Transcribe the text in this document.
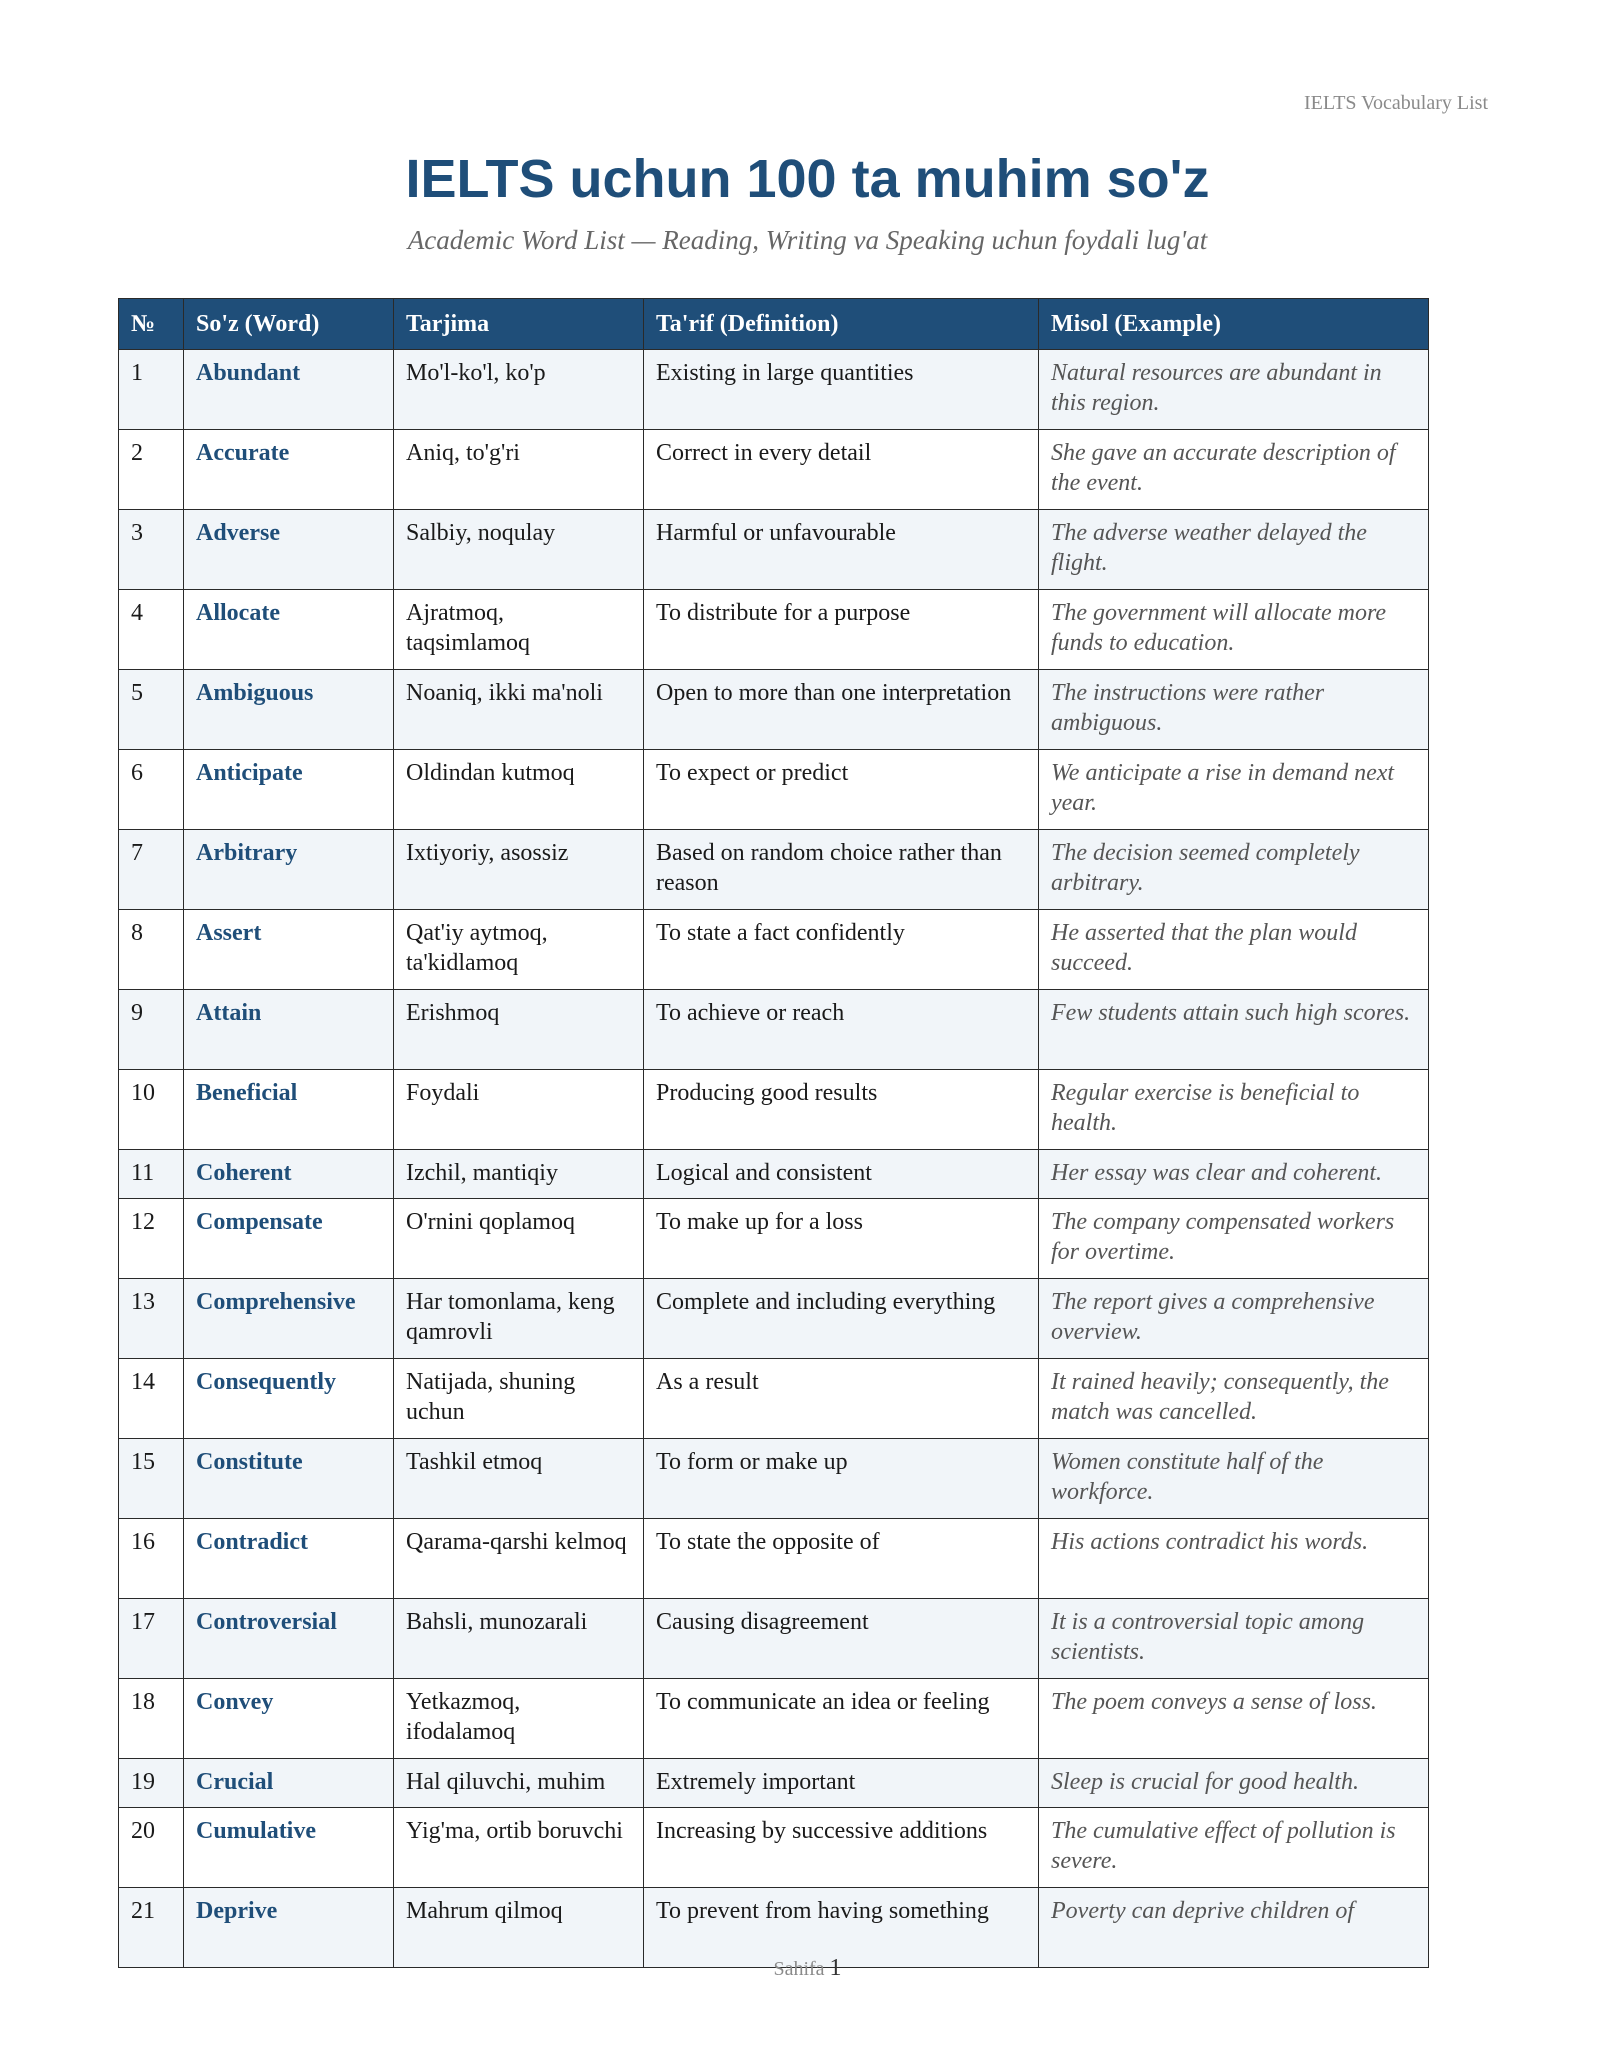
IELTS Vocabulary List
IELTS uchun 100 ta muhim so'z
Academic Word List — Reading, Writing va Speaking uchun foydali lug'at
№	So'z (Word)	Tarjima	Ta'rif (Definition)	Misol (Example)
1	Abundant	Mo'l-ko'l, ko'p	Existing in large quantities	Natural resources are abundant in this region.
2	Accurate	Aniq, to'g'ri	Correct in every detail	She gave an accurate description of the event.
3	Adverse	Salbiy, noqulay	Harmful or unfavourable	The adverse weather delayed the flight.
4	Allocate	Ajratmoq, taqsimlamoq	To distribute for a purpose	The government will allocate more funds to education.
5	Ambiguous	Noaniq, ikki ma'noli	Open to more than one interpretation	The instructions were rather ambiguous.
6	Anticipate	Oldindan kutmoq	To expect or predict	We anticipate a rise in demand next year.
7	Arbitrary	Ixtiyoriy, asossiz	Based on random choice rather than reason	The decision seemed completely arbitrary.
8	Assert	Qat'iy aytmoq, ta'kidlamoq	To state a fact confidently	He asserted that the plan would succeed.
9	Attain	Erishmoq	To achieve or reach	Few students attain such high scores.
10	Beneficial	Foydali	Producing good results	Regular exercise is beneficial to health.
11	Coherent	Izchil, mantiqiy	Logical and consistent	Her essay was clear and coherent.
12	Compensate	O'rnini qoplamoq	To make up for a loss	The company compensated workers for overtime.
13	Comprehensive	Har tomonlama, keng qamrovli	Complete and including everything	The report gives a comprehensive overview.
14	Consequently	Natijada, shuning uchun	As a result	It rained heavily; consequently, the match was cancelled.
15	Constitute	Tashkil etmoq	To form or make up	Women constitute half of the workforce.
16	Contradict	Qarama-qarshi kelmoq	To state the opposite of	His actions contradict his words.
17	Controversial	Bahsli, munozarali	Causing disagreement	It is a controversial topic among scientists.
18	Convey	Yetkazmoq, ifodalamoq	To communicate an idea or feeling	The poem conveys a sense of loss.
19	Crucial	Hal qiluvchi, muhim	Extremely important	Sleep is crucial for good health.
20	Cumulative	Yig'ma, ortib boruvchi	Increasing by successive additions	The cumulative effect of pollution is severe.
21	Deprive	Mahrum qilmoq	To prevent from having something	Poverty can deprive children of
Sahifa 1
